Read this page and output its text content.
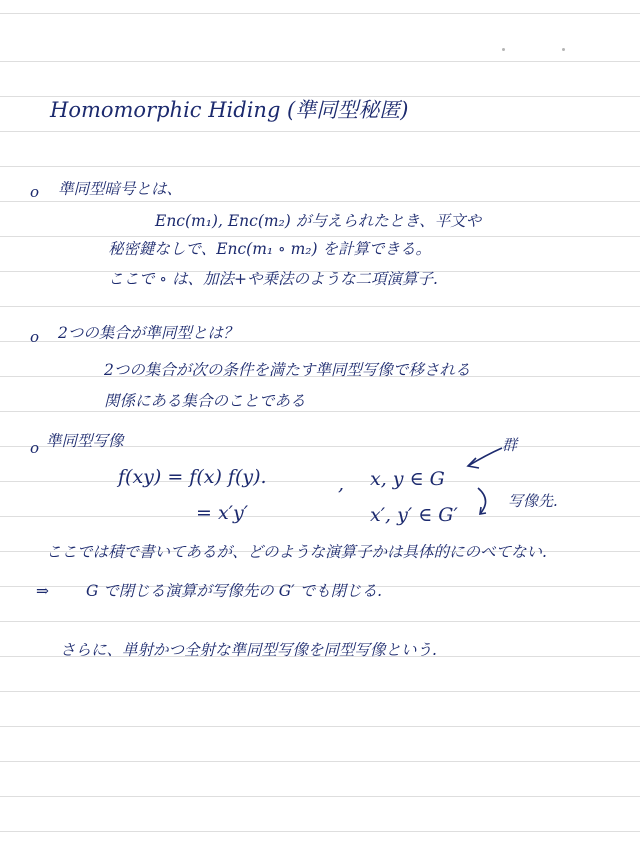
Homomorphic Hiding (準同型秘匿)
o 準同型暗号とは、
Enc(m₁), Enc(m₂) が与えられたとき、平文や
秘密鍵なしで、Enc(m₁ ∘ m₂) を計算できる。
ここで ∘ は、加法+や乗法のような二項演算子.
o 2つの集合が準同型とは？
2つの集合が次の条件を満たす準同型写像で移される
関係にある集合のことである
o 準同型写像
f(xy) = f(x) f(y).
= x′y′
, x, y ∈ G
x′, y′ ∈ G′
群
写像先.
ここでは積で書いてあるが、どのような演算子かは具体的にのべてない.
⇒ G で閉じる演算が写像先の G′ でも閉じる.
さらに、単射かつ全射な準同型写像を同型写像という.
